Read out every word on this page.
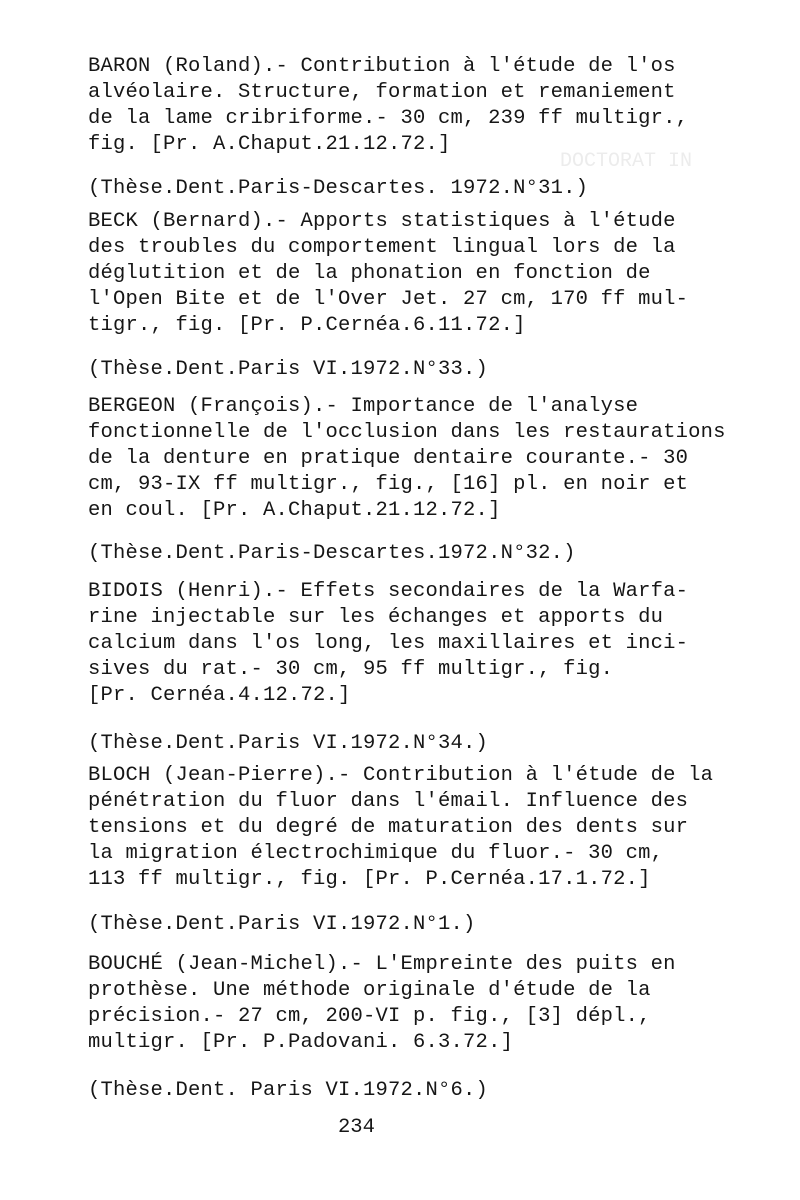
DOCTORAT IN
BARON (Roland).- Contribution à l'étude de l'os
alvéolaire. Structure, formation et remaniement
de la lame cribriforme.- 30 cm, 239 ff multigr.,
fig. [Pr. A.Chaput.21.12.72.]
(Thèse.Dent.Paris-Descartes. 1972.N°31.)
BECK (Bernard).- Apports statistiques à l'étude
des troubles du comportement lingual lors de la
déglutition et de la phonation en fonction de
l'Open Bite et de l'Over Jet. 27 cm, 170 ff mul-
tigr., fig. [Pr. P.Cernéa.6.11.72.]
(Thèse.Dent.Paris VI.1972.N°33.)
BERGEON (François).- Importance de l'analyse
fonctionnelle de l'occlusion dans les restaurations
de la denture en pratique dentaire courante.- 30
cm, 93-IX ff multigr., fig., [16] pl. en noir et
en coul. [Pr. A.Chaput.21.12.72.]
(Thèse.Dent.Paris-Descartes.1972.N°32.)
BIDOIS (Henri).- Effets secondaires de la Warfa-
rine injectable sur les échanges et apports du
calcium dans l'os long, les maxillaires et inci-
sives du rat.- 30 cm, 95 ff multigr., fig.
[Pr. Cernéa.4.12.72.]
(Thèse.Dent.Paris VI.1972.N°34.)
BLOCH (Jean-Pierre).- Contribution à l'étude de la
pénétration du fluor dans l'émail. Influence des
tensions et du degré de maturation des dents sur
la migration électrochimique du fluor.- 30 cm,
113 ff multigr., fig. [Pr. P.Cernéa.17.1.72.]
(Thèse.Dent.Paris VI.1972.N°1.)
BOUCHÉ (Jean-Michel).- L'Empreinte des puits en
prothèse. Une méthode originale d'étude de la
précision.- 27 cm, 200-VI p. fig., [3] dépl.,
multigr. [Pr. P.Padovani. 6.3.72.]
(Thèse.Dent. Paris VI.1972.N°6.)
234
